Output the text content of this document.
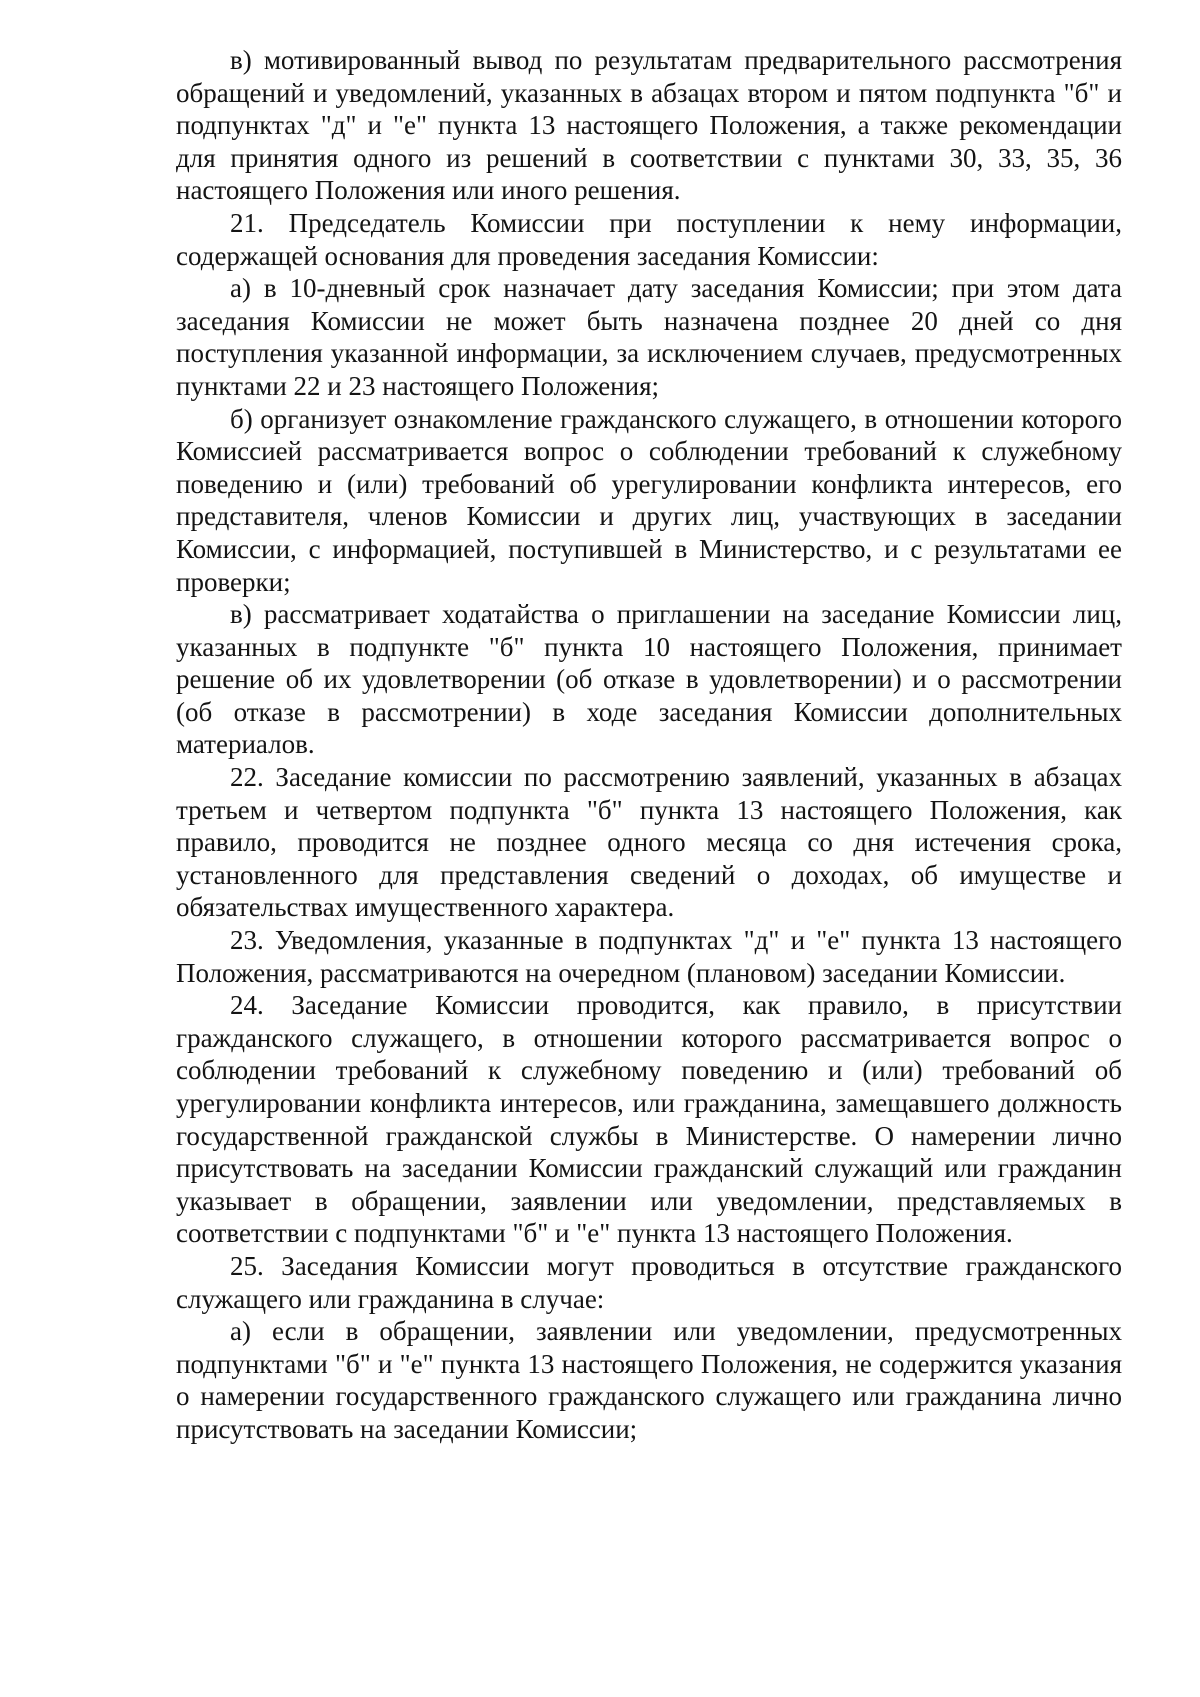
в) мотивированный вывод по результатам предварительного рассмотрения обращений и уведомлений, указанных в абзацах втором и пятом подпункта "б" и подпунктах "д" и "е" пункта 13 настоящего Положения, а также рекомендации для принятия одного из решений в соответствии с пунктами 30, 33, 35, 36 настоящего Положения или иного решения.

21. Председатель Комиссии при поступлении к нему информации, содержащей основания для проведения заседания Комиссии:

а) в 10-дневный срок назначает дату заседания Комиссии; при этом дата заседания Комиссии не может быть назначена позднее 20 дней со дня поступления указанной информации, за исключением случаев, предусмотренных пунктами 22 и 23 настоящего Положения;

б) организует ознакомление гражданского служащего, в отношении которого Комиссией рассматривается вопрос о соблюдении требований к служебному поведению и (или) требований об урегулировании конфликта интересов, его представителя, членов Комиссии и других лиц, участвующих в заседании Комиссии, с информацией, поступившей в Министерство, и с результатами ее проверки;

в) рассматривает ходатайства о приглашении на заседание Комиссии лиц, указанных в подпункте "б" пункта 10 настоящего Положения, принимает решение об их удовлетворении (об отказе в удовлетворении) и о рассмотрении (об отказе в рассмотрении) в ходе заседания Комиссии дополнительных материалов.

22. Заседание комиссии по рассмотрению заявлений, указанных в абзацах третьем и четвертом подпункта "б" пункта 13 настоящего Положения, как правило, проводится не позднее одного месяца со дня истечения срока, установленного для представления сведений о доходах, об имуществе и обязательствах имущественного характера.

23. Уведомления, указанные в подпунктах "д" и "е" пункта 13 настоящего Положения, рассматриваются на очередном (плановом) заседании Комиссии.

24. Заседание Комиссии проводится, как правило, в присутствии гражданского служащего, в отношении которого рассматривается вопрос о соблюдении требований к служебному поведению и (или) требований об урегулировании конфликта интересов, или гражданина, замещавшего должность государственной гражданской службы в Министерстве. О намерении лично присутствовать на заседании Комиссии гражданский служащий или гражданин указывает в обращении, заявлении или уведомлении, представляемых в соответствии с подпунктами "б" и "е" пункта 13 настоящего Положения.

25. Заседания Комиссии могут проводиться в отсутствие гражданского служащего или гражданина в случае:

а) если в обращении, заявлении или уведомлении, предусмотренных подпунктами "б" и "е" пункта 13 настоящего Положения, не содержится указания о намерении государственного гражданского служащего или гражданина лично присутствовать на заседании Комиссии;
